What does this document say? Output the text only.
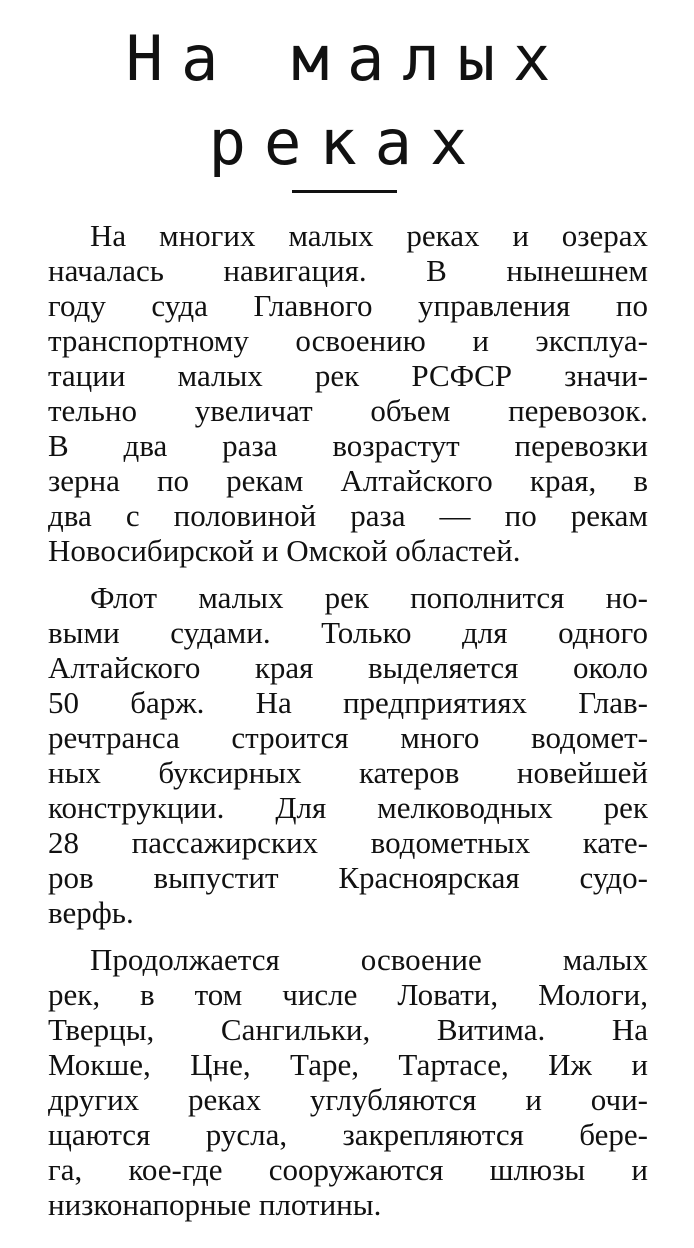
На малых
реках
На многих малых реках и озерах
началась навигация. В нынешнем
году суда Главного управления по
транспортному освоению и эксплуа-
тации малых рек РСФСР значи-
тельно увеличат объем перевозок.
В два раза возрастут перевозки
зерна по рекам Алтайского края, в
два с половиной раза — по рекам
Новосибирской и Омской областей.
Флот малых рек пополнится но-
выми судами. Только для одного
Алтайского края выделяется около
50 барж. На предприятиях Глав-
речтранса строится много водомет-
ных буксирных катеров новейшей
конструкции. Для мелководных рек
28 пассажирских водометных кате-
ров выпустит Красноярская судо-
верфь.
Продолжается освоение малых
рек, в том числе Ловати, Мологи,
Тверцы, Сангильки, Витима. На
Мокше, Цне, Таре, Тартасе, Иж и
других реках углубляются и очи-
щаются русла, закрепляются бере-
га, кое-где сооружаются шлюзы и
низконапорные плотины.
